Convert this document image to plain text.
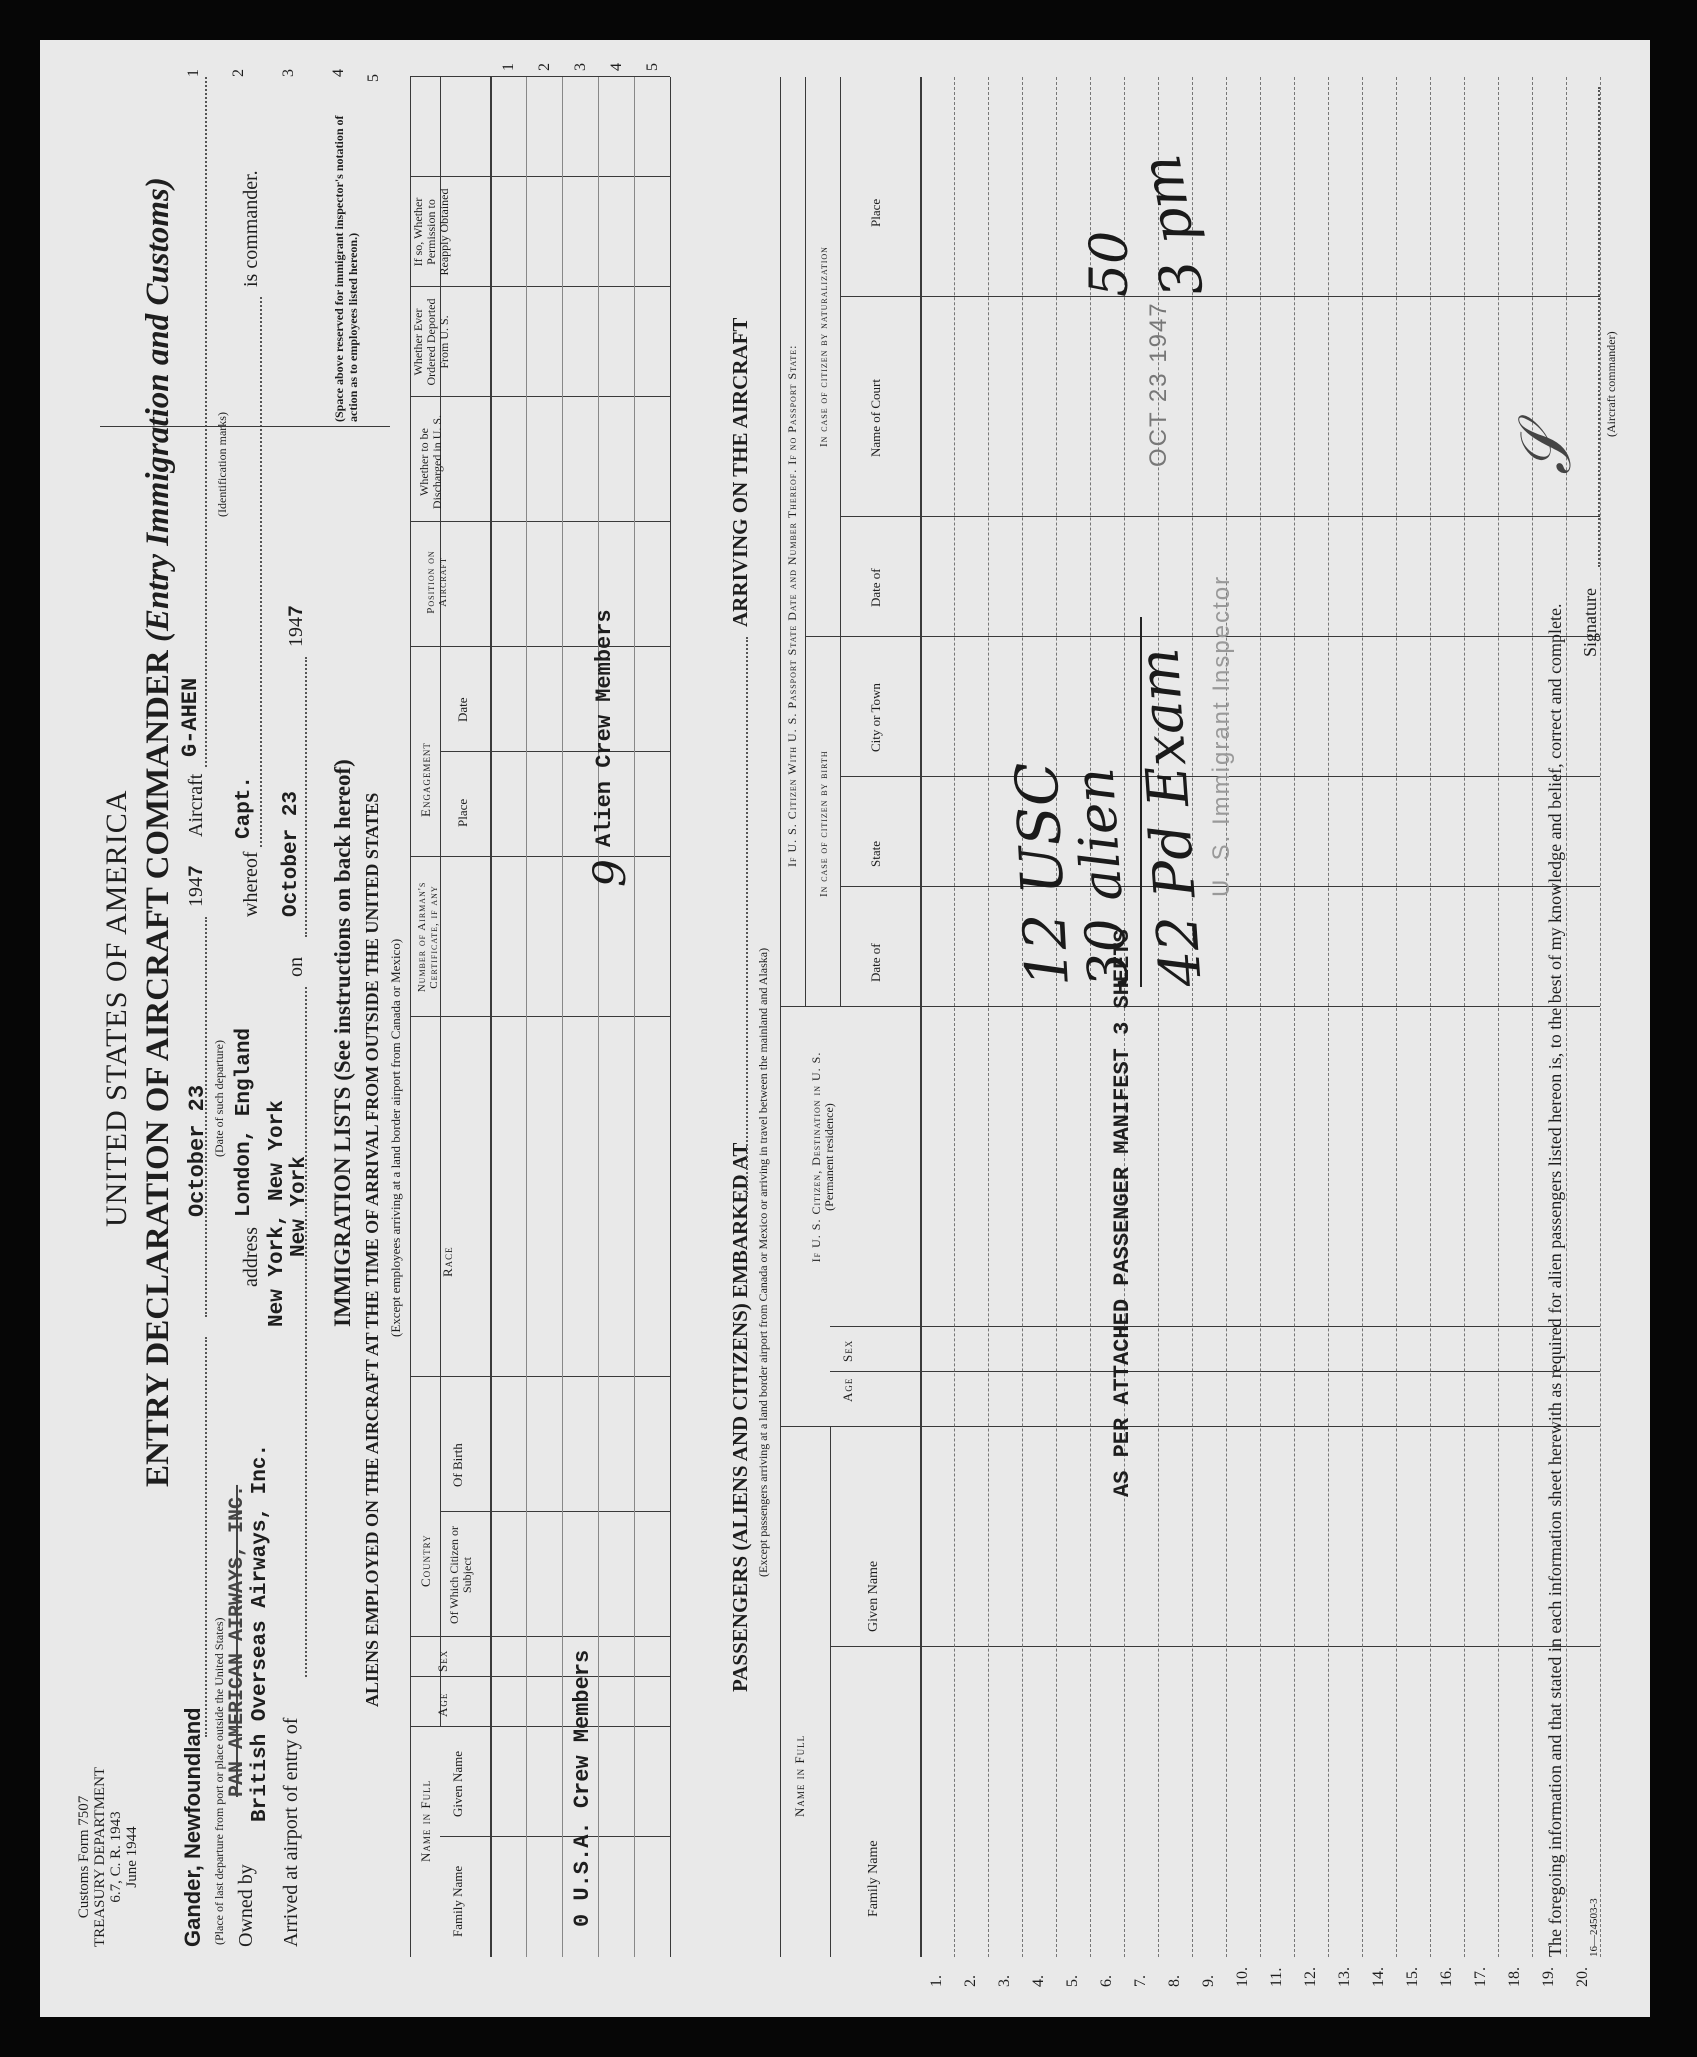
Customs Form 7507 TREASURY DEPARTMENT 6.7, C. R. 1943 June 1944
UNITED STATES OF AMERICA ENTRY DECLARATION OF AIRCRAFT COMMANDER (Entry Immigration and Customs)
Gander, Newfoundland
October 23
1947
Aircraft
G-AHEN
(Place of last departure from port or place outside the United States)
(Date of such departure)
(Identification marks)
Owned by
PAN AMERICAN AIRWAYS, INC. British Overseas Airways, Inc.
address
London, England
whereof
Capt.
is commander.
Arrived at airport of entry of
New York, New York New York
on
October 23
1947
1 2 3 4
IMMIGRATION LISTS (See instructions on back hereof) ALIENS EMPLOYED ON THE AIRCRAFT AT THE TIME OF ARRIVAL FROM OUTSIDE THE UNITED STATES (Except employees arriving at a land border airport from Canada or Mexico)
(Space above reserved for immigrant inspector's notation of action as to employees listed hereon.)
5
Name in Full
Family Name
Given Name
Age
Sex
Country Of Which Citizen or Subject
Of Birth
Race
Number of Airman's Certificate, if any
Engagement Place
Date
Position on Aircraft
Whether to be Discharged in U. S.
Whether Ever Ordered Deported From U. S.
If so, Whether Permission to Reapply Obtained
1 2 3 4 5
0 U.S.A. Crew Members
9
Alien Crew Members
PASSENGERS (ALIENS AND CITIZENS) EMBARKED AT
ARRIVING ON THE AIRCRAFT
(Except passengers arriving at a land border airport from Canada or Mexico or arriving in travel between the mainland and Alaska)
Name in Full
Family Name
Given Name
Age
Sex
If U. S. Citizen, Destination in U. S. (Permanent residence)
If U. S. Citizen With U. S. Passport State Date and Number Thereof. If no Passport State: In case of citizen by birth
In case of citizen by naturalization
Date of
State
City or Town
Date of
Name of Court
Place
1. 2. 3. 4. 5. 6. 7. 8. 9. 10. 11. 12. 13. 14. 15. 16. 17. 18. 19. 20.
AS PER ATTACHED PASSENGER MANIFEST 3 SHEETS
12 USC
30 alien
42 Pd Exam
50
3 pm
U. S. Immigrant Inspector
OCT 23 1947
The foregoing information and that stated in each information sheet herewith as required for alien passengers listed hereon is, to the best of my knowledge and belief, correct and complete. Signature
𝒮
(Aircraft commander)
16—24503-3
